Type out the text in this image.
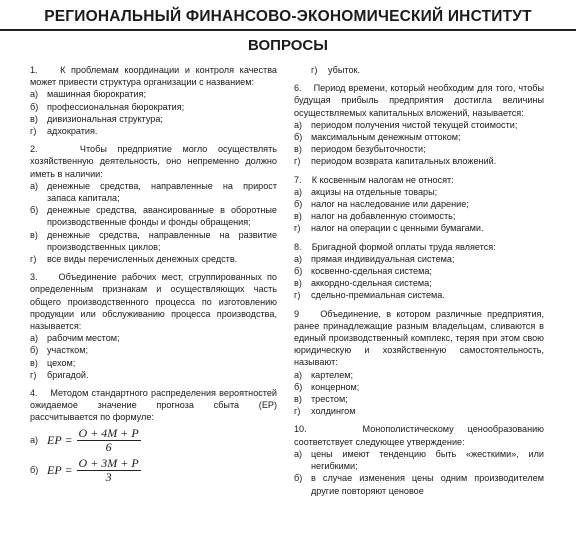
РЕГИОНАЛЬНЫЙ ФИНАНСОВО-ЭКОНОМИЧЕСКИЙ ИНСТИТУТ
ВОПРОСЫ
1.    К проблемам координации и контроля качества может привести структура организации с названием:
а) машинная бюрократия;
б) профессиональная бюрократия;
в)	дивизиональная структура;
г)	адхократия.
2.    Чтобы предприятие могло осуществлять хозяйственную деятельность, оно непременно должно иметь в наличии:
а) денежные средства, направленные на прирост запаса капитала;
б) денежные средства, авансированные в оборотные производственные фонды и фонды обращения;
в)	денежные средства, направленные на развитие производственных циклов;
г)	все виды перечисленных денежных средств.
3.    Объединение рабочих мест, сгруппированных по определенным признакам и осуществляющих часть общего производственного процесса по изготовлению продукции или обслуживанию процесса производства, называется:
а) рабочим местом;
б) участком;
в)	цехом;
г)	бригадой.
4.    Методом стандартного распределения вероятностей ожидаемое значение прогноза сбыта (ЕР) рассчитывается по формуле:
а) EP = $\frac{O + 4M + P}{6}$
б) EP = $\frac{O + 3M + P}{3}$
г)	убыток.
6.    Период времени, который необходим для того, чтобы будущая прибыль предприятия достигла величины осуществляемых капитальных вложений, называется:
а) периодом получения чистой текущей стоимости;
б) максимальным денежным оттоком;
в)	периодом безубыточности;
г)	периодом возврата капитальных вложений.
7.    К косвенным налогам не относят:
а) акцизы на отдельные товары;
б) налог на наследование или дарение;
в)	налог на добавленную стоимость;
г)	налог на операции с ценными бумагами.
8.    Бригадной формой оплаты труда является:
а) прямая индивидуальная система;
б) косвенно-сдельная система;
в)	аккордно-сдельная система;
г)	сдельно-премиальная система.
9    Объединение, в котором различные предприятия, ранее принадлежащие разным владельцам, сливаются в единый производственный комплекс, теряя при этом свою юридическую и хозяйственную самостоятельность, называют:
а) картелем;
б) концерном;
в)	трестом;
г)	холдингом
10.    Монополистическому ценообразованию соответствует следующее утверждение:
а) цены имеют тенденцию быть «жесткими», или негибкими;
б) в случае изменения цены одним производителем другие повторяют ценовое
